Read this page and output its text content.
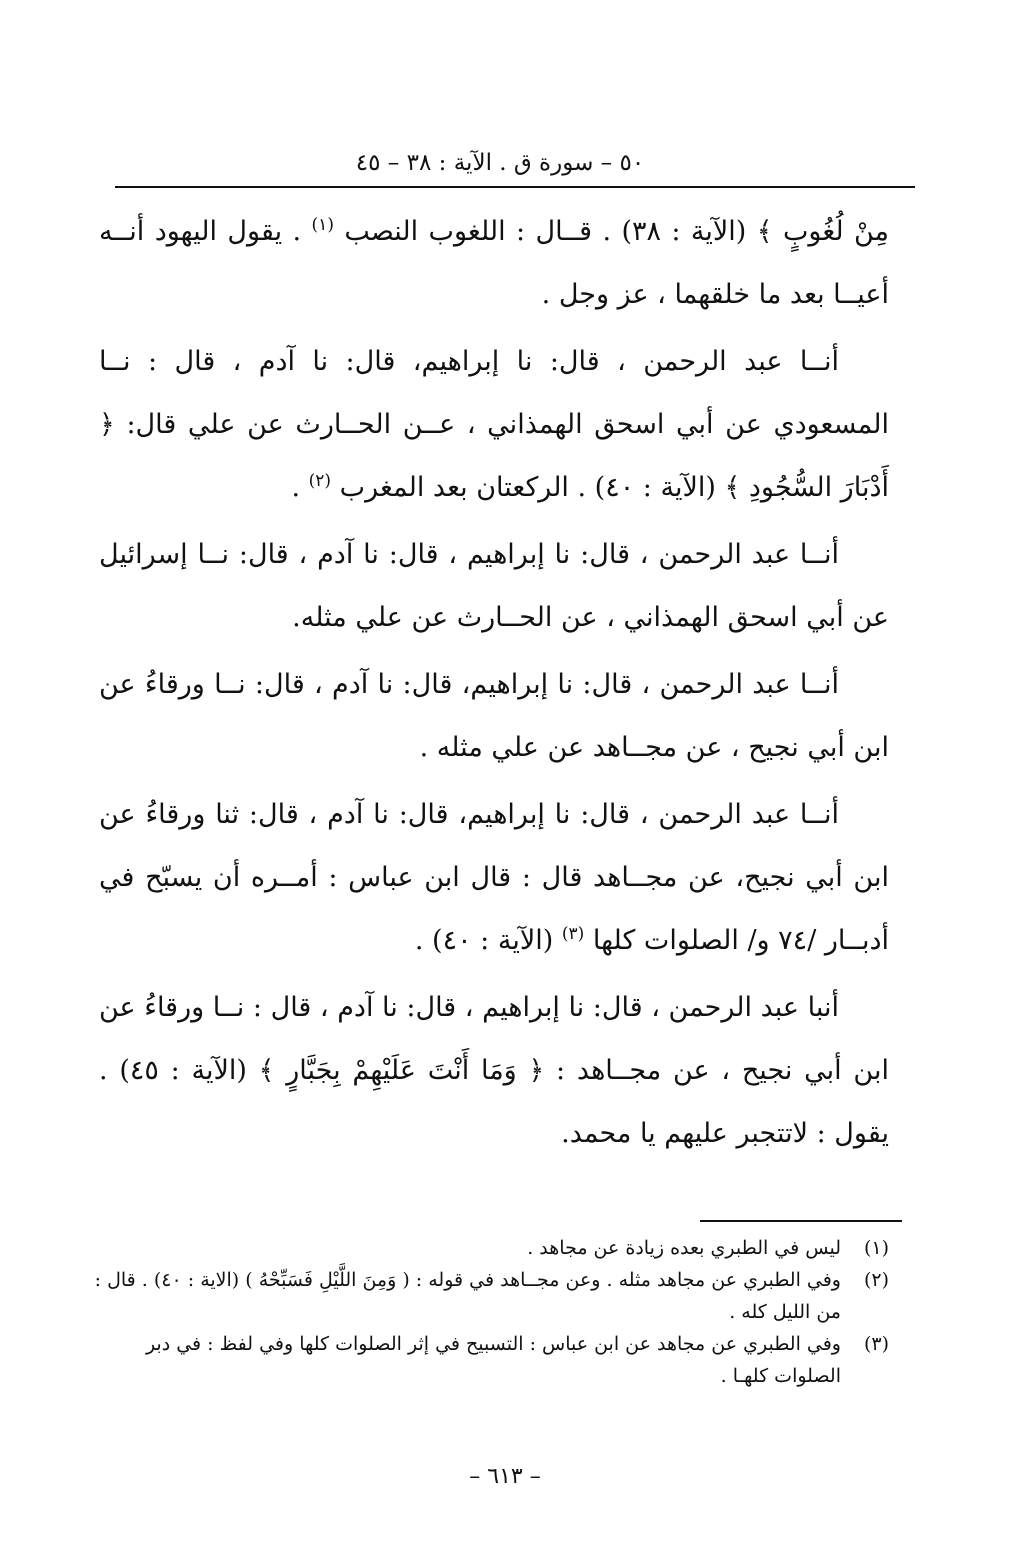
٥٠ – سورة ق . الآية : ٣٨ – ٤٥

مِنْ لُغُوبٍ ﴾ (الآية : ٣٨) . قــال : اللغوب النصب $^{(١)}$ . يقول اليهود أنــه أعيــا بعد ما خلقهما ، عز وجل .

أنــا عبد الرحمن ، قال: نا إبراهيم، قال: نا آدم ، قال : نــا المسعودي عن أبي اسحق الهمذاني ، عــن الحــارث عن علي قال: ﴿ أَدْبَارَ السُّجُودِ ﴾ (الآية : ٤٠) . الركعتان بعد المغرب $^{(٢)}$ .

أنــا عبد الرحمن ، قال: نا إبراهيم ، قال: نا آدم ، قال: نــا إسرائيل عن أبي اسحق الهمذاني ، عن الحــارث عن علي مثله.

أنــا عبد الرحمن ، قال: نا إبراهيم، قال: نا آدم ، قال: نــا ورقاءُ عن ابن أبي نجيح ، عن مجــاهد عن علي مثله .

أنــا عبد الرحمن ، قال: نا إبراهيم، قال: نا آدم ، قال: ثنا ورقاءُ عن ابن أبي نجيح، عن مجــاهد قال : قال ابن عباس : أمــره أن يسبّح في أدبــار /٧٤ و/ الصلوات كلها $^{(٣)}$ (الآية : ٤٠) .

أنبا عبد الرحمن ، قال: نا إبراهيم ، قال: نا آدم ، قال : نــا ورقاءُ عن ابن أبي نجيح ، عن مجــاهد : ﴿ وَمَا أَنْتَ عَلَيْهِمْ بِجَبَّارٍ ﴾ (الآية : ٤٥) . يقول : لاتتجبر عليهم يا محمد.

(١)ليس في الطبري بعده زيادة عن مجاهد .

(٢)وفي الطبري عن مجاهد مثله . وعن مجــاهد في قوله : ( وَمِنَ اللَّيْلِ فَسَبِّحْهُ ) (الاية : ٤٠) . قال : من الليل كله .

(٣)وفي الطبري عن مجاهد عن ابن عباس : التسبيح في إثر الصلوات كلها وفي لفظ : في دبر الصلوات كلهـا .

– ٦١٣ –
